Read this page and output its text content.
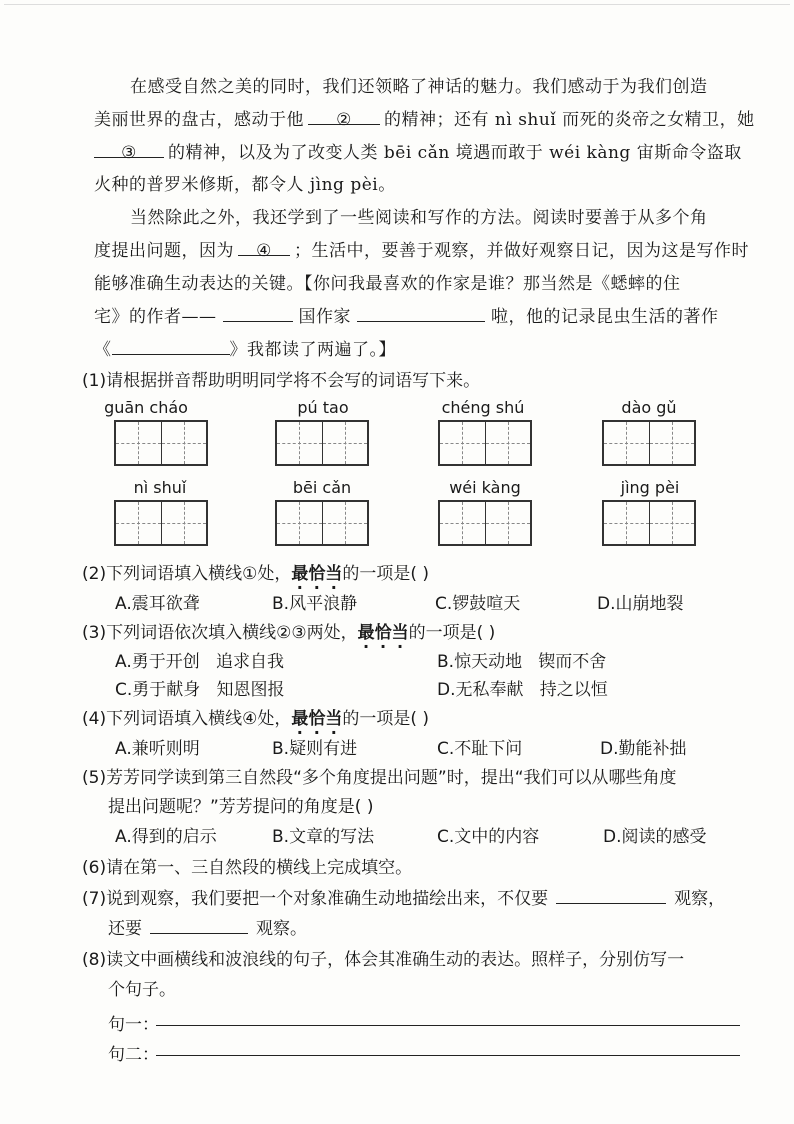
在感受自然之美的同时，我们还领略了神话的魅力。我们感动于为我们创造
美丽世界的盘古，感动于他 ② 的精神；还有 nì shuǐ 而死的炎帝之女精卫，她
③ 的精神，以及为了改变人类 bēi cǎn 境遇而敢于 wéi kàng 宙斯命令盗取
火种的普罗米修斯，都令人 jìng pèi。
当然除此之外，我还学到了一些阅读和写作的方法。阅读时要善于从多个角
度提出问题，因为 ④ ；生活中，要善于观察，并做好观察日记，因为这是写作时
能够准确生动表达的关键。【你问我最喜欢的作家是谁？那当然是《蟋蟀的住
宅》的作者——	国作家	啦，他的记录昆虫生活的著作
《	》我都读了两遍了。】
(1)请根据拼音帮助明明同学将不会写的词语写下来。
guān cháo	pú tao	chéng shú	dào gǔ
nì shuǐ	bēi cǎn	wéi kàng	jìng pèi
(2)下列词语填入横线①处，最恰当的一项是( )
A.震耳欲聋	B.风平浪静	C.锣鼓喧天	D.山崩地裂
(3)下列词语依次填入横线②③两处，最恰当的一项是( )
A.勇于开创   追求自我	B.惊天动地   锲而不舍
C.勇于献身   知恩图报	D.无私奉献   持之以恒
(4)下列词语填入横线④处，最恰当的一项是( )
A.兼听则明	B.疑则有进	C.不耻下问	D.勤能补拙
(5)芳芳同学读到第三自然段“多个角度提出问题”时，提出“我们可以从哪些角度
提出问题呢？”芳芳提问的角度是( )
A.得到的启示	B.文章的写法	C.文中的内容	D.阅读的感受
(6)请在第一、三自然段的横线上完成填空。
(7)说到观察，我们要把一个对象准确生动地描绘出来，不仅要	观察，
还要	观察。
(8)读文中画横线和波浪线的句子，体会其准确生动的表达。照样子，分别仿写一
个句子。
句一：
句二：
